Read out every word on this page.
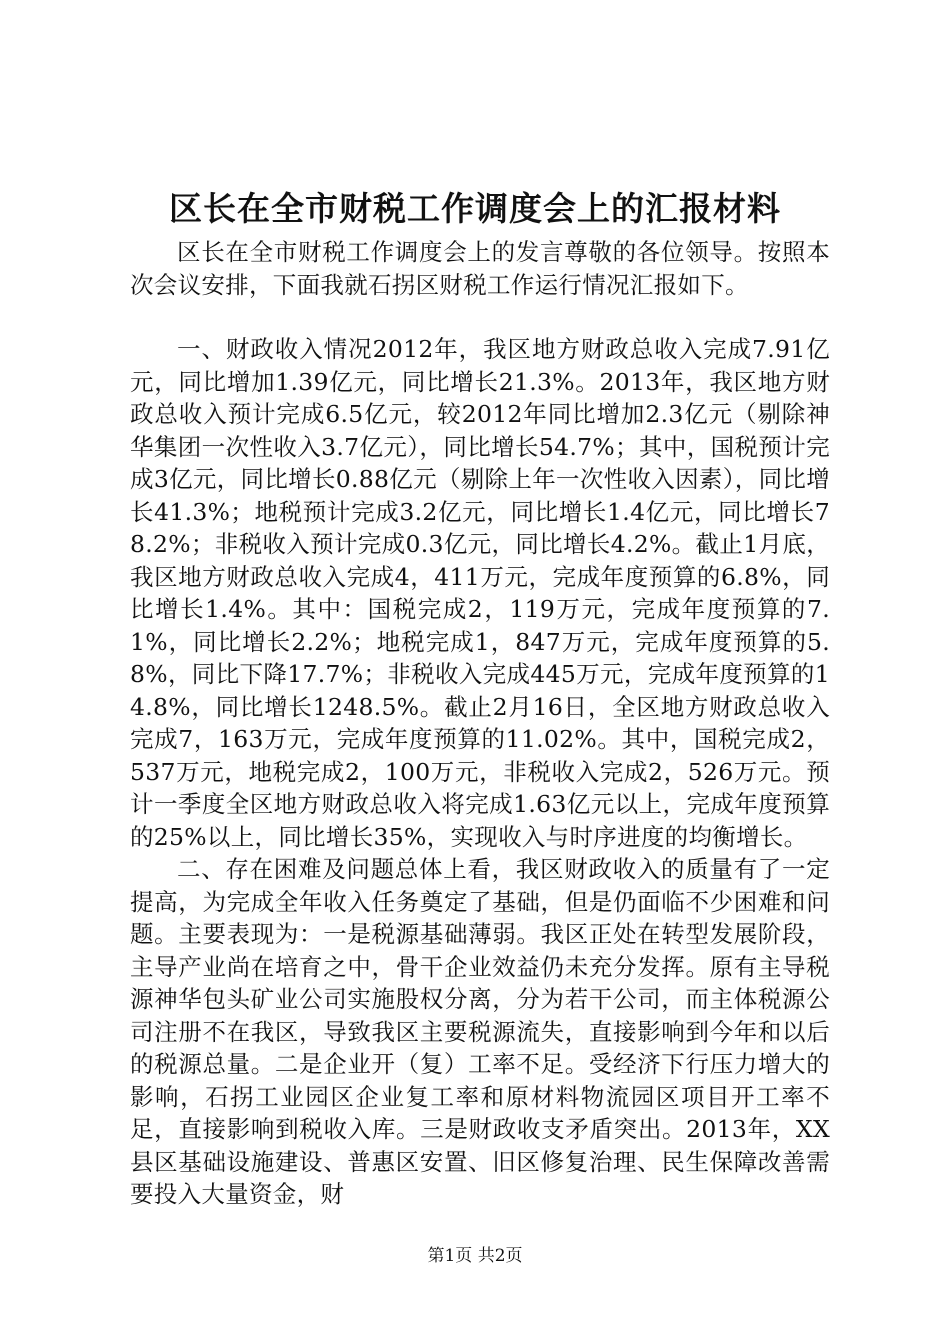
区长在全市财税工作调度会上的汇报材料

区长在全市财税工作调度会上的发言尊敬的各位领导。按照本次会议安排，下面我就石拐区财税工作运行情况汇报如下。

一、财政收入情况2012年，我区地方财政总收入完成7.91亿元，同比增加1.39亿元，同比增长21.3%。2013年，我区地方财政总收入预计完成6.5亿元，较2012年同比增加2.3亿元（剔除神华集团一次性收入3.7亿元），同比增长54.7%；其中，国税预计完成3亿元，同比增长0.88亿元（剔除上年一次性收入因素），同比增长41.3%；地税预计完成3.2亿元，同比增长1.4亿元，同比增长78.2%；非税收入预计完成0.3亿元，同比增长4.2%。截止1月底，我区地方财政总收入完成4，411万元，完成年度预算的6.8%，同比增长1.4%。其中：国税完成2，119万元，完成年度预算的7.1%，同比增长2.2%；地税完成1，847万元，完成年度预算的5.8%，同比下降17.7%；非税收入完成445万元，完成年度预算的14.8%，同比增长1248.5%。截止2月16日，全区地方财政总收入完成7，163万元，完成年度预算的11.02%。其中，国税完成2，537万元，地税完成2，100万元，非税收入完成2，526万元。预计一季度全区地方财政总收入将完成1.63亿元以上，完成年度预算的25%以上，同比增长35%，实现收入与时序进度的均衡增长。

二、存在困难及问题总体上看，我区财政收入的质量有了一定提高，为完成全年收入任务奠定了基础，但是仍面临不少困难和问题。主要表现为：一是税源基础薄弱。我区正处在转型发展阶段，主导产业尚在培育之中，骨干企业效益仍未充分发挥。原有主导税源神华包头矿业公司实施股权分离，分为若干公司，而主体税源公司注册不在我区，导致我区主要税源流失，直接影响到今年和以后的税源总量。二是企业开（复）工率不足。受经济下行压力增大的影响，石拐工业园区企业复工率和原材料物流园区项目开工率不足，直接影响到税收入库。三是财政收支矛盾突出。2013年，XX县区基础设施建设、普惠区安置、旧区修复治理、民生保障改善需要投入大量资金，财

第1页 共2页
